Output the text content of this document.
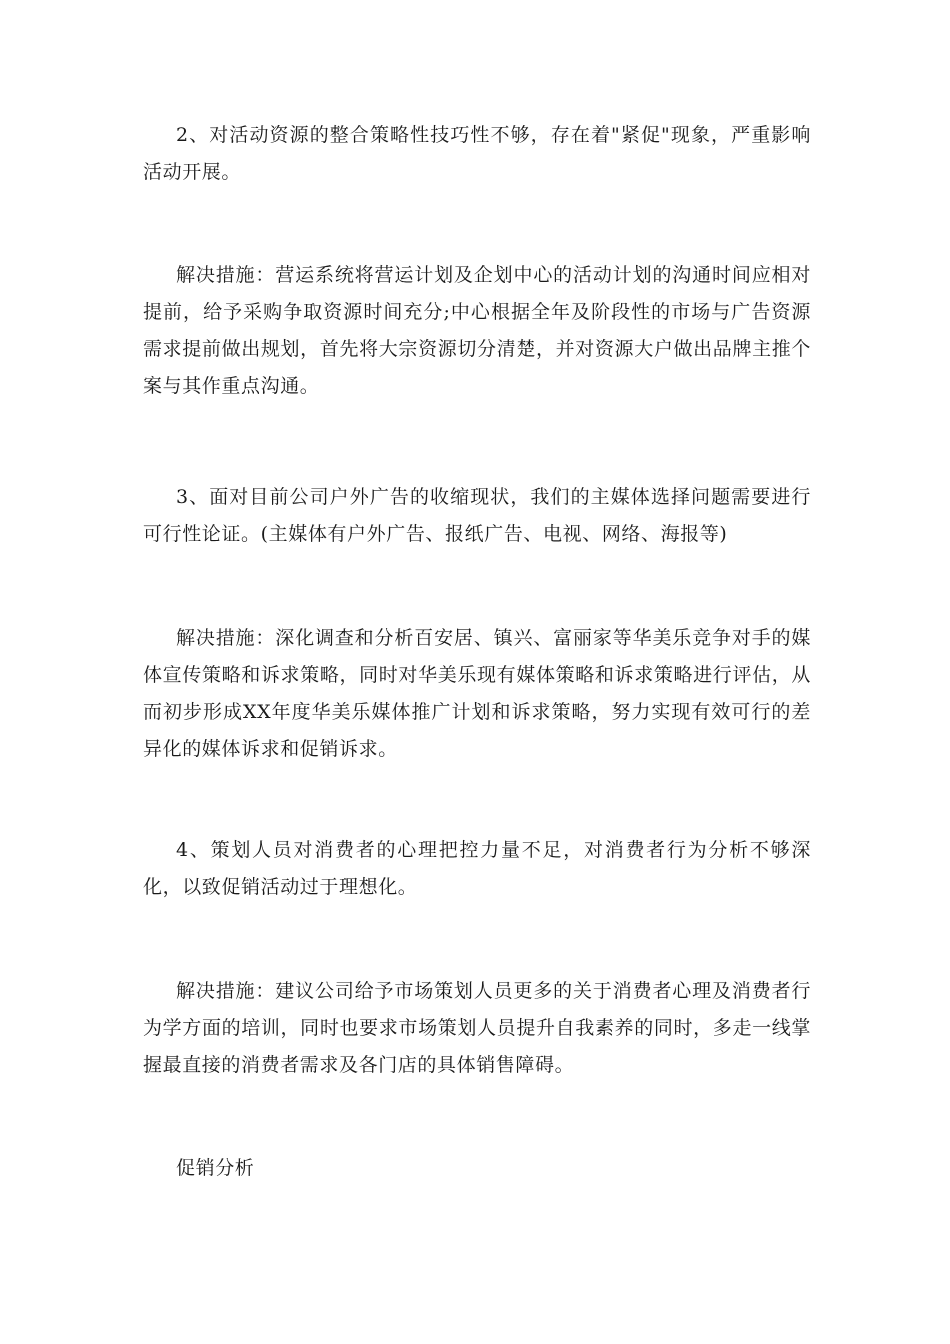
2、对活动资源的整合策略性技巧性不够，存在着"紧促"现象，严重影响活动开展。

解决措施：营运系统将营运计划及企划中心的活动计划的沟通时间应相对提前，给予采购争取资源时间充分;中心根据全年及阶段性的市场与广告资源需求提前做出规划，首先将大宗资源切分清楚，并对资源大户做出品牌主推个案与其作重点沟通。

3、面对目前公司户外广告的收缩现状，我们的主媒体选择问题需要进行可行性论证。(主媒体有户外广告、报纸广告、电视、网络、海报等)

解决措施：深化调查和分析百安居、镇兴、富丽家等华美乐竞争对手的媒体宣传策略和诉求策略，同时对华美乐现有媒体策略和诉求策略进行评估，从而初步形成XX年度华美乐媒体推广计划和诉求策略，努力实现有效可行的差异化的媒体诉求和促销诉求。

4、策划人员对消费者的心理把控力量不足，对消费者行为分析不够深化，以致促销活动过于理想化。

解决措施：建议公司给予市场策划人员更多的关于消费者心理及消费者行为学方面的培训，同时也要求市场策划人员提升自我素养的同时，多走一线掌握最直接的消费者需求及各门店的具体销售障碍。

促销分析
